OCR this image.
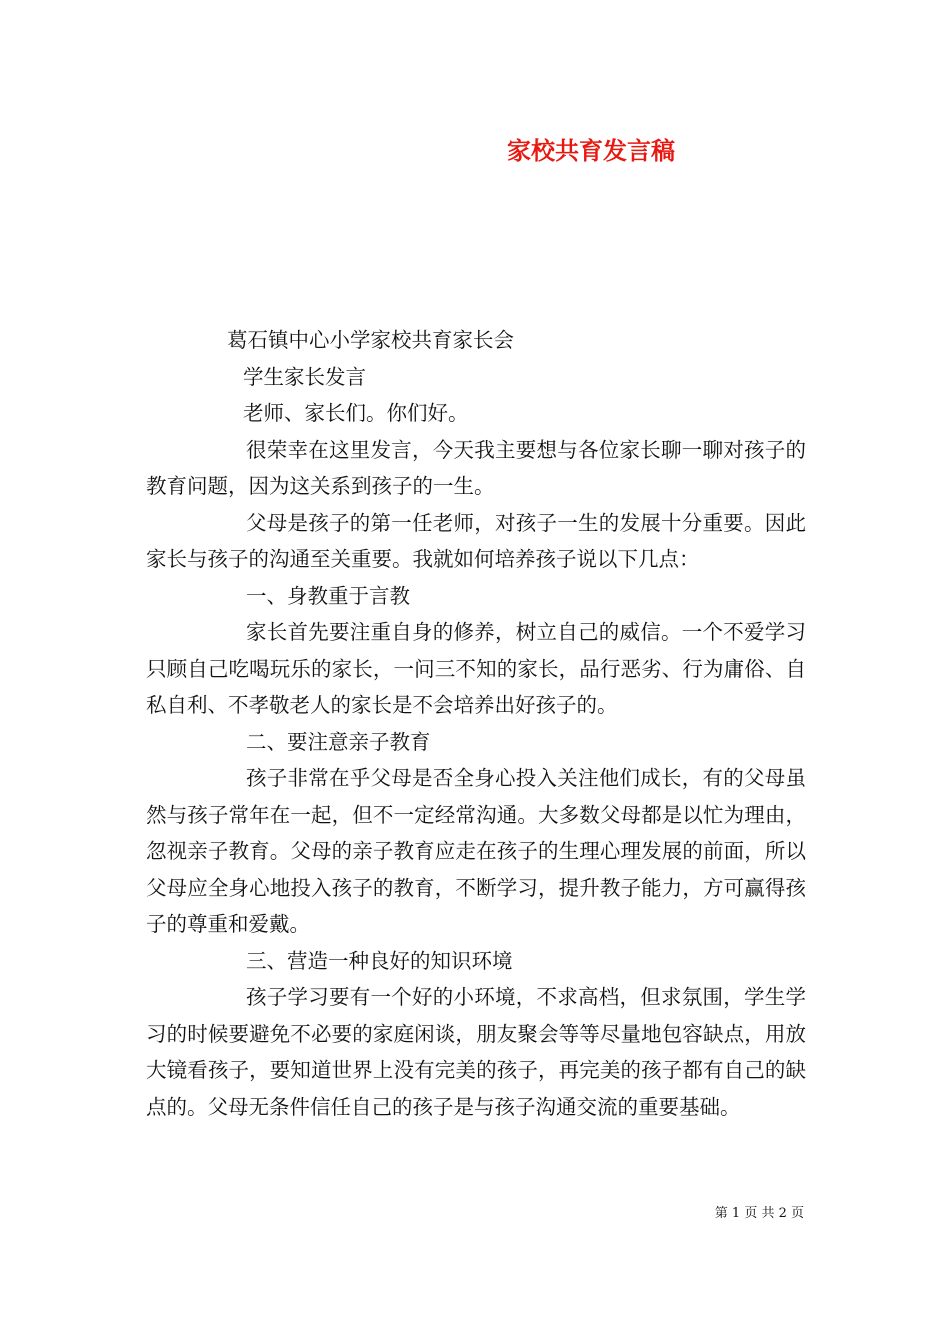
家校共育发言稿

葛石镇中心小学家校共育家长会

学生家长发言

老师、家长们。你们好。

很荣幸在这里发言，今天我主要想与各位家长聊一聊对孩子的教育问题，因为这关系到孩子的一生。

父母是孩子的第一任老师，对孩子一生的发展十分重要。因此家长与孩子的沟通至关重要。我就如何培养孩子说以下几点：

一、身教重于言教

家长首先要注重自身的修养，树立自己的威信。一个不爱学习只顾自己吃喝玩乐的家长，一问三不知的家长，品行恶劣、行为庸俗、自私自利、不孝敬老人的家长是不会培养出好孩子的。

二、要注意亲子教育

孩子非常在乎父母是否全身心投入关注他们成长，有的父母虽然与孩子常年在一起，但不一定经常沟通。大多数父母都是以忙为理由，忽视亲子教育。父母的亲子教育应走在孩子的生理心理发展的前面，所以父母应全身心地投入孩子的教育，不断学习，提升教子能力，方可赢得孩子的尊重和爱戴。

三、营造一种良好的知识环境

孩子学习要有一个好的小环境，不求高档，但求氛围，学生学习的时候要避免不必要的家庭闲谈，朋友聚会等等尽量地包容缺点，用放大镜看孩子，要知道世界上没有完美的孩子，再完美的孩子都有自己的缺点的。父母无条件信任自己的孩子是与孩子沟通交流的重要基础。

第 1 页 共 2 页
